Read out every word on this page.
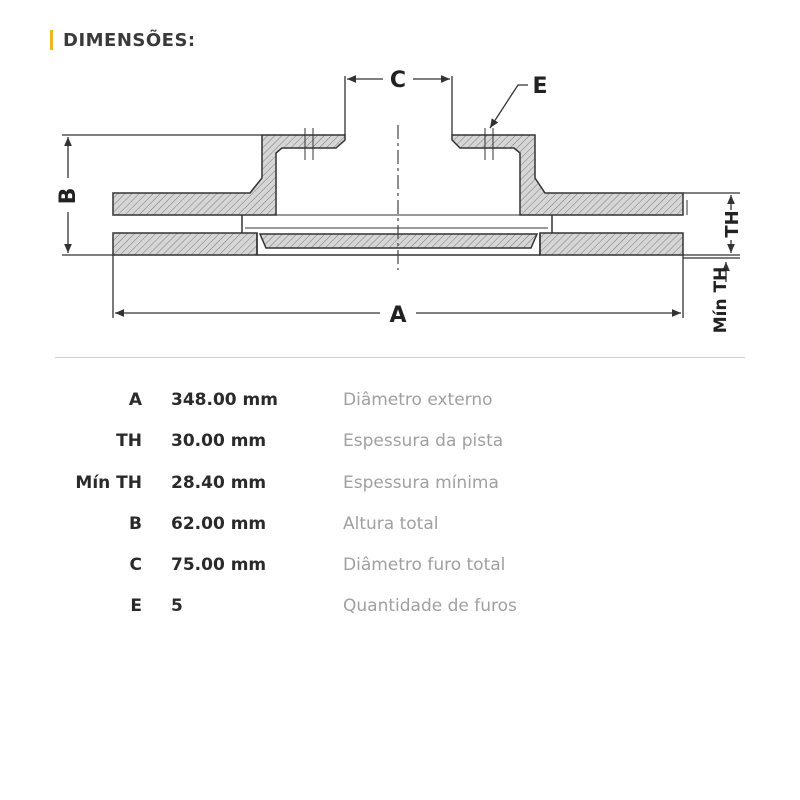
DIMENSÕES:
C	E
B
A
TH
Mín TH
A 348.00 mm	Diâmetro externo
TH 30.00 mm	Espessura da pista
Mín TH 28.40 mm	Espessura mínima
B 62.00 mm	Altura total
C 75.00 mm	Diâmetro furo total
E 5	Quantidade de furos
